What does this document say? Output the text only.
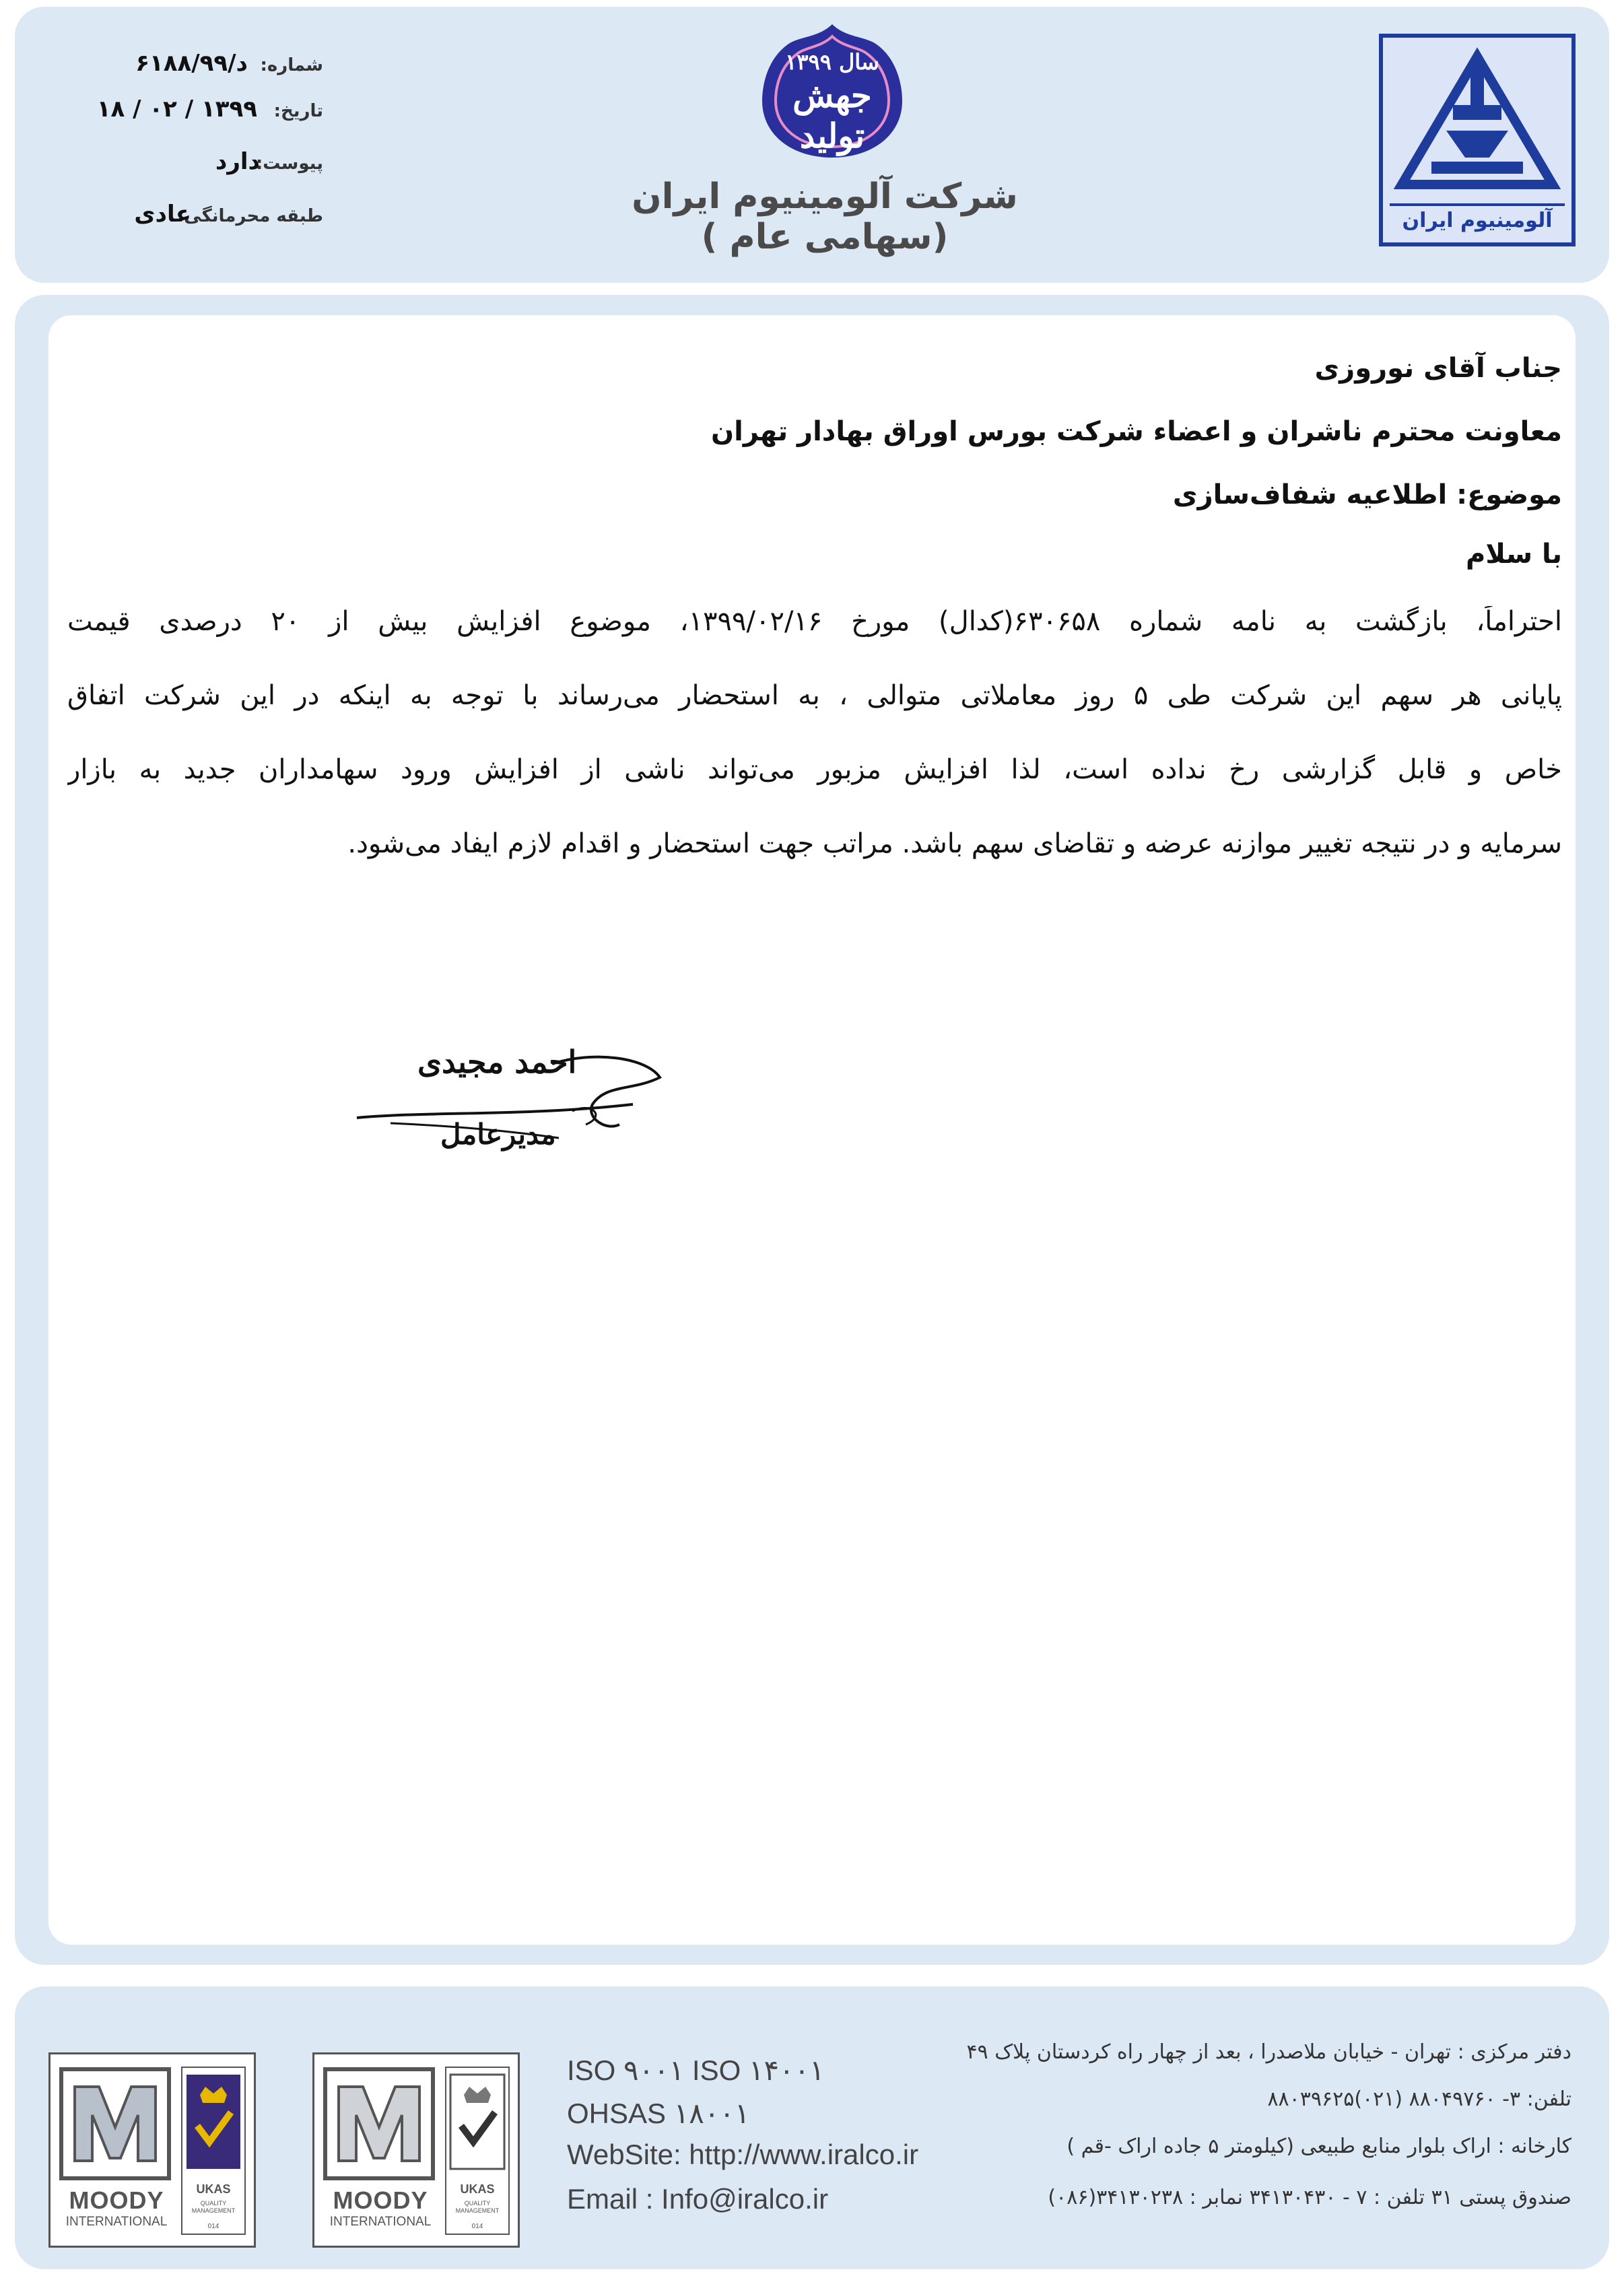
آلومینیوم ایران
سال ۱۳۹۹
جهش تولید
شرکت آلومینیوم ایران (سهامی عام )
شماره:
د/۶۱۸۸/۹۹
تاریخ:
۱۳۹۹ / ۰۲ / ۱۸
پیوست:
دارد
طبقه محرمانگی:
عادی
جناب آقای نوروزی
معاونت محترم ناشران و اعضاء شرکت بورس اوراق بهادار تهران
موضوع: اطلاعیه شفاف‌سازی
با سلام
احتراماً، بازگشت به نامه شماره ۶۳۰۶۵۸(کدال) مورخ ۱۳۹۹/۰۲/۱۶، موضوع افزایش بیش از ۲۰ درصدی قیمت
پایانی هر سهم این شرکت طی ۵ روز معاملاتی متوالی ، به استحضار می‌رساند با توجه به اینکه در این شرکت اتفاق
خاص و قابل گزارشی رخ نداده است، لذا افزایش مزبور می‌تواند ناشی از افزایش ورود سهامداران جدید به بازار
سرمایه و در نتیجه تغییر موازنه عرضه و تقاضای سهم باشد. مراتب جهت استحضار و اقدام لازم ایفاد می‌شود.
احمد مجیدی
مدیرعامل
MOODY
INTERNATIONAL
UKAS
QUALITY MANAGEMENT
014
MOODY
INTERNATIONAL
UKAS
QUALITY MANAGEMENT
014
ISO ۹۰۰۱ ISO ۱۴۰۰۱
OHSAS ۱۸۰۰۱
WebSite: http://www.iralco.ir
Email : Info@iralco.ir
دفتر مرکزی : تهران - خیابان ملاصدرا ، بعد از چهار راه کردستان پلاک ۴۹
تلفن: ۳- ۸۸۰۴۹۷۶۰ (۰۲۱)۸۸۰۳۹۶۲۵
کارخانه : اراک بلوار منابع طبیعی (کیلومتر ۵ جاده اراک -قم )
صندوق پستی ۳۱ تلفن : ۷ - ۳۴۱۳۰۴۳۰ نمابر : ۳۴۱۳۰۲۳۸(۰۸۶)
